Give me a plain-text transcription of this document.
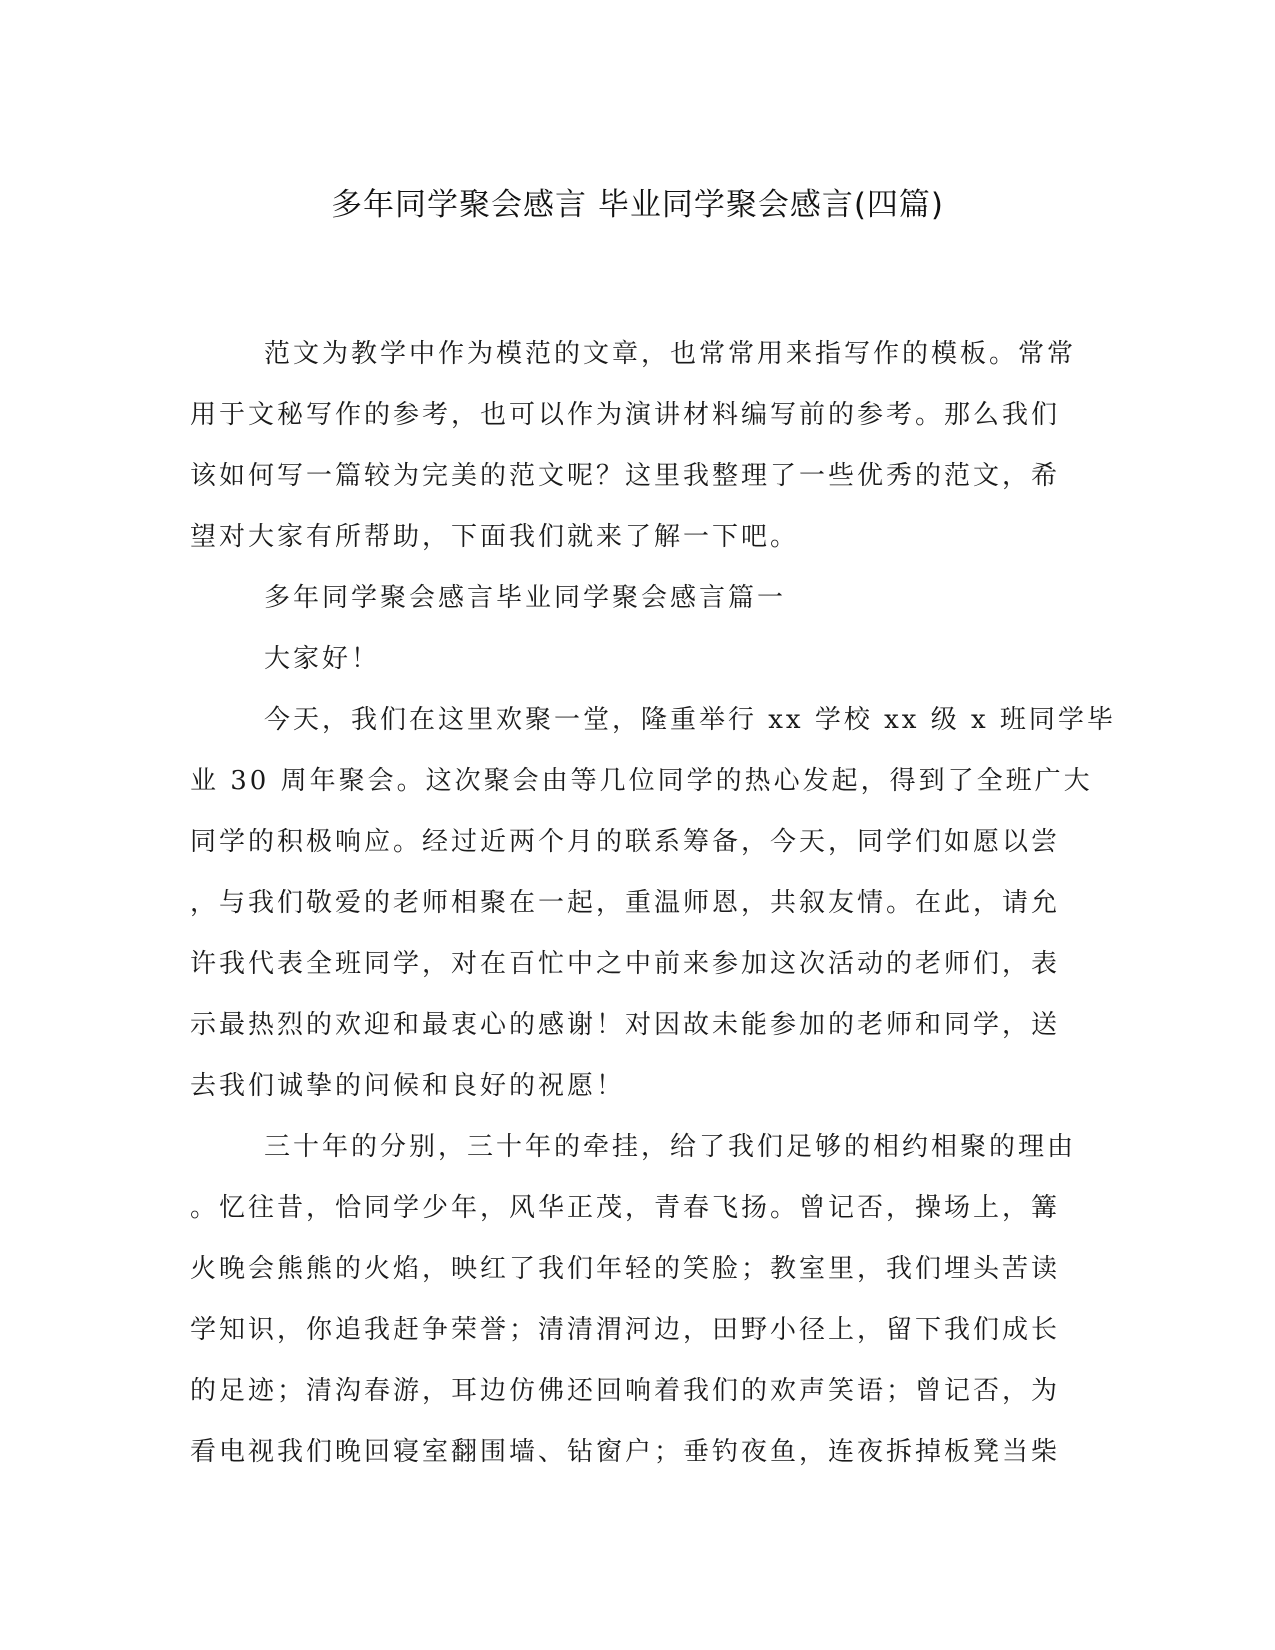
多年同学聚会感言 毕业同学聚会感言(四篇)
范文为教学中作为模范的文章，也常常用来指写作的模板。常常
用于文秘写作的参考，也可以作为演讲材料编写前的参考。那么我们
该如何写一篇较为完美的范文呢？这里我整理了一些优秀的范文，希
望对大家有所帮助，下面我们就来了解一下吧。
多年同学聚会感言毕业同学聚会感言篇一
大家好！
今天，我们在这里欢聚一堂，隆重举行 xx 学校 xx 级 x 班同学毕
业 30 周年聚会。这次聚会由等几位同学的热心发起，得到了全班广大
同学的积极响应。经过近两个月的联系筹备，今天，同学们如愿以尝
，与我们敬爱的老师相聚在一起，重温师恩，共叙友情。在此，请允
许我代表全班同学，对在百忙中之中前来参加这次活动的老师们，表
示最热烈的欢迎和最衷心的感谢！对因故未能参加的老师和同学，送
去我们诚挚的问候和良好的祝愿！
三十年的分别，三十年的牵挂，给了我们足够的相约相聚的理由
。忆往昔，恰同学少年，风华正茂，青春飞扬。曾记否，操场上，篝
火晚会熊熊的火焰，映红了我们年轻的笑脸；教室里，我们埋头苦读
学知识，你追我赶争荣誉；清清渭河边，田野小径上，留下我们成长
的足迹；清沟春游，耳边仿佛还回响着我们的欢声笑语；曾记否，为
看电视我们晚回寝室翻围墙、钻窗户；垂钓夜鱼，连夜拆掉板凳当柴
